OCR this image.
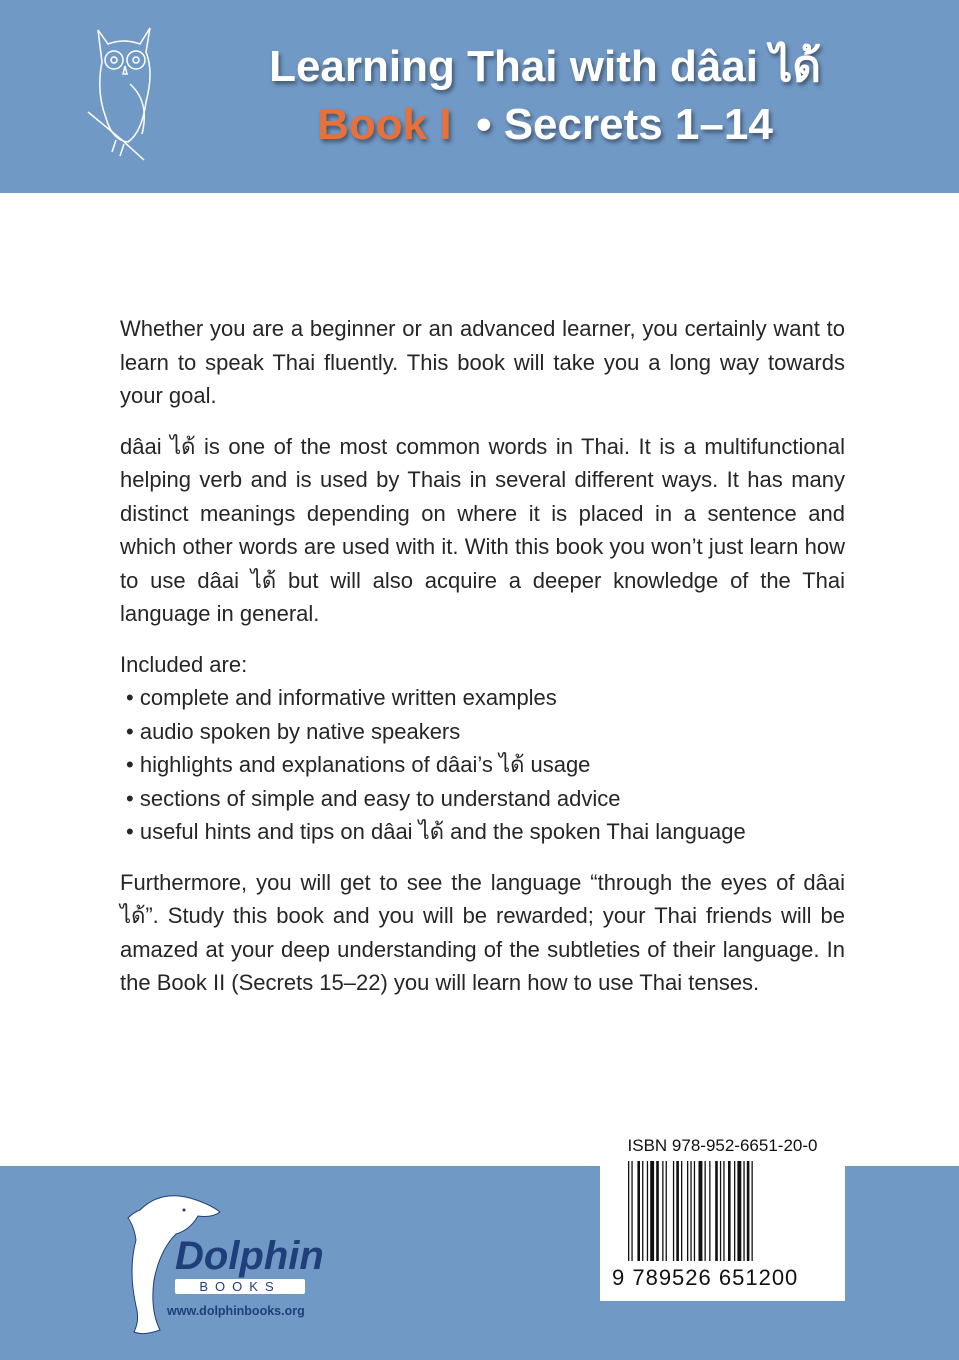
Learning Thai with dâai ได้
Book I • Secrets 1–14

Whether you are a beginner or an advanced learner, you certainly want to learn to speak Thai fluently. This book will take you a long way towards your goal.

dâai ได้ is one of the most common words in Thai. It is a multifunctional helping verb and is used by Thais in several different ways. It has many distinct meanings depending on where it is placed in a sentence and which other words are used with it. With this book you won’t just learn how to use dâai ได้ but will also acquire a deeper knowledge of the Thai language in general.

Included are:
• complete and informative written examples
• audio spoken by native speakers
• highlights and explanations of dâai’s ได้ usage
• sections of simple and easy to understand advice
• useful hints and tips on dâai ได้ and the spoken Thai language

Furthermore, you will get to see the language “through the eyes of dâai ได้”. Study this book and you will be rewarded; your Thai friends will be amazed at your deep understanding of the subtleties of their language. In the Book II (Secrets 15–22) you will learn how to use Thai tenses.

Dolphin
BOOKS
www.dolphinbooks.org
ISBN 978-952-6651-20-0
9 789526 651200
